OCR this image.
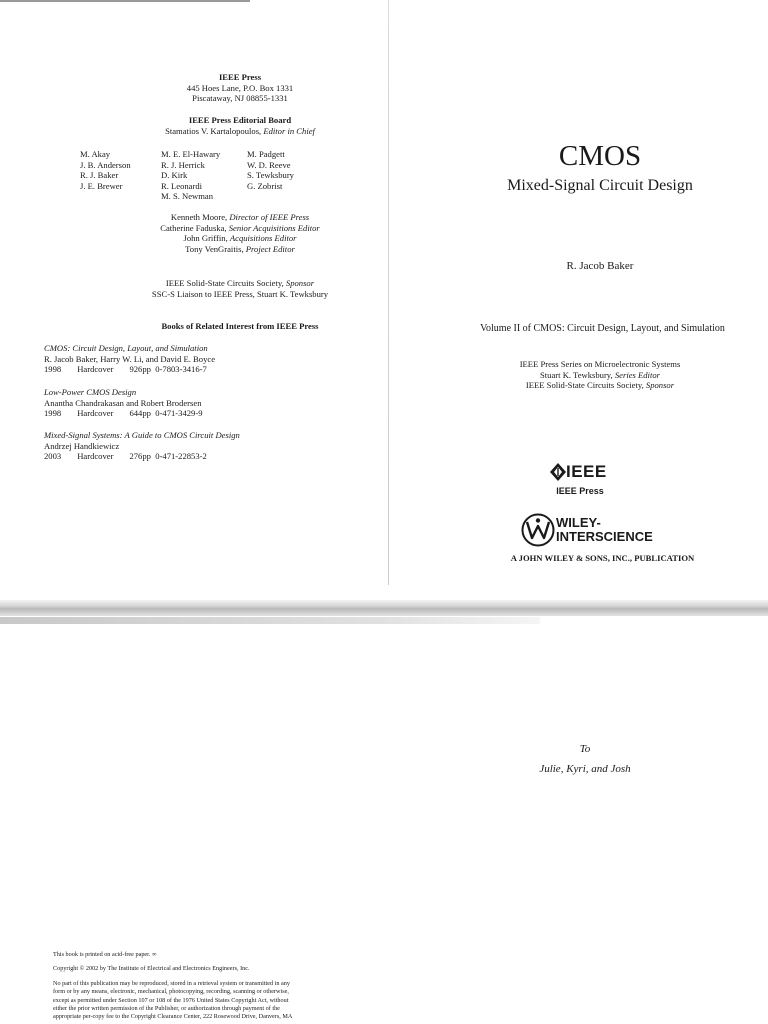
IEEE Press
445 Hoes Lane, P.O. Box 1331
Piscataway, NJ 08855-1331
IEEE Press Editorial Board
Stamatios V. Kartalopoulos, Editor in Chief
M. Akay
J. B. Anderson
R. J. Baker
J. E. Brewer
M. E. El-Hawary
R. J. Herrick
D. Kirk
R. Leonardi
M. S. Newman
M. Padgett
W. D. Reeve
S. Tewksbury
G. Zobrist
Kenneth Moore, Director of IEEE Press
Catherine Faduska, Senior Acquisitions Editor
John Griffin, Acquisitions Editor
Tony VenGraitis, Project Editor
IEEE Solid-State Circuits Society, Sponsor
SSC-S Liaison to IEEE Press, Stuart K. Tewksbury
Books of Related Interest from IEEE Press
CMOS: Circuit Design, Layout, and Simulation
R. Jacob Baker, Harry W. Li, and David E. Boyce
1998 Hardcover 926pp 0-7803-3416-7
Low-Power CMOS Design
Anantha Chandrakasan and Robert Brodersen
1998 Hardcover 644pp 0-471-3429-9
Mixed-Signal Systems: A Guide to CMOS Circuit Design
Andrzej Handkiewicz
2003 Hardcover 276pp 0-471-22853-2
CMOS
Mixed-Signal Circuit Design
R. Jacob Baker
Volume II of CMOS: Circuit Design, Layout, and Simulation
IEEE Press Series on Microelectronic Systems
Stuart K. Tewksbury, Series Editor
IEEE Solid-State Circuits Society, Sponsor
IEEE
IEEE Press
WILEY-
INTERSCIENCE
A JOHN WILEY & SONS, INC., PUBLICATION
To
Julie, Kyri, and Josh
This book is printed on acid-free paper. ∞
Copyright © 2002 by The Institute of Electrical and Electronics Engineers, Inc.
No part of this publication may be reproduced, stored in a retrieval system or transmitted in any
form or by any means, electronic, mechanical, photocopying, recording, scanning or otherwise,
except as permitted under Section 107 or 108 of the 1976 United States Copyright Act, without
either the prior written permission of the Publisher, or authorization through payment of the
appropriate per-copy fee to the Copyright Clearance Center, 222 Rosewood Drive, Danvers, MA
